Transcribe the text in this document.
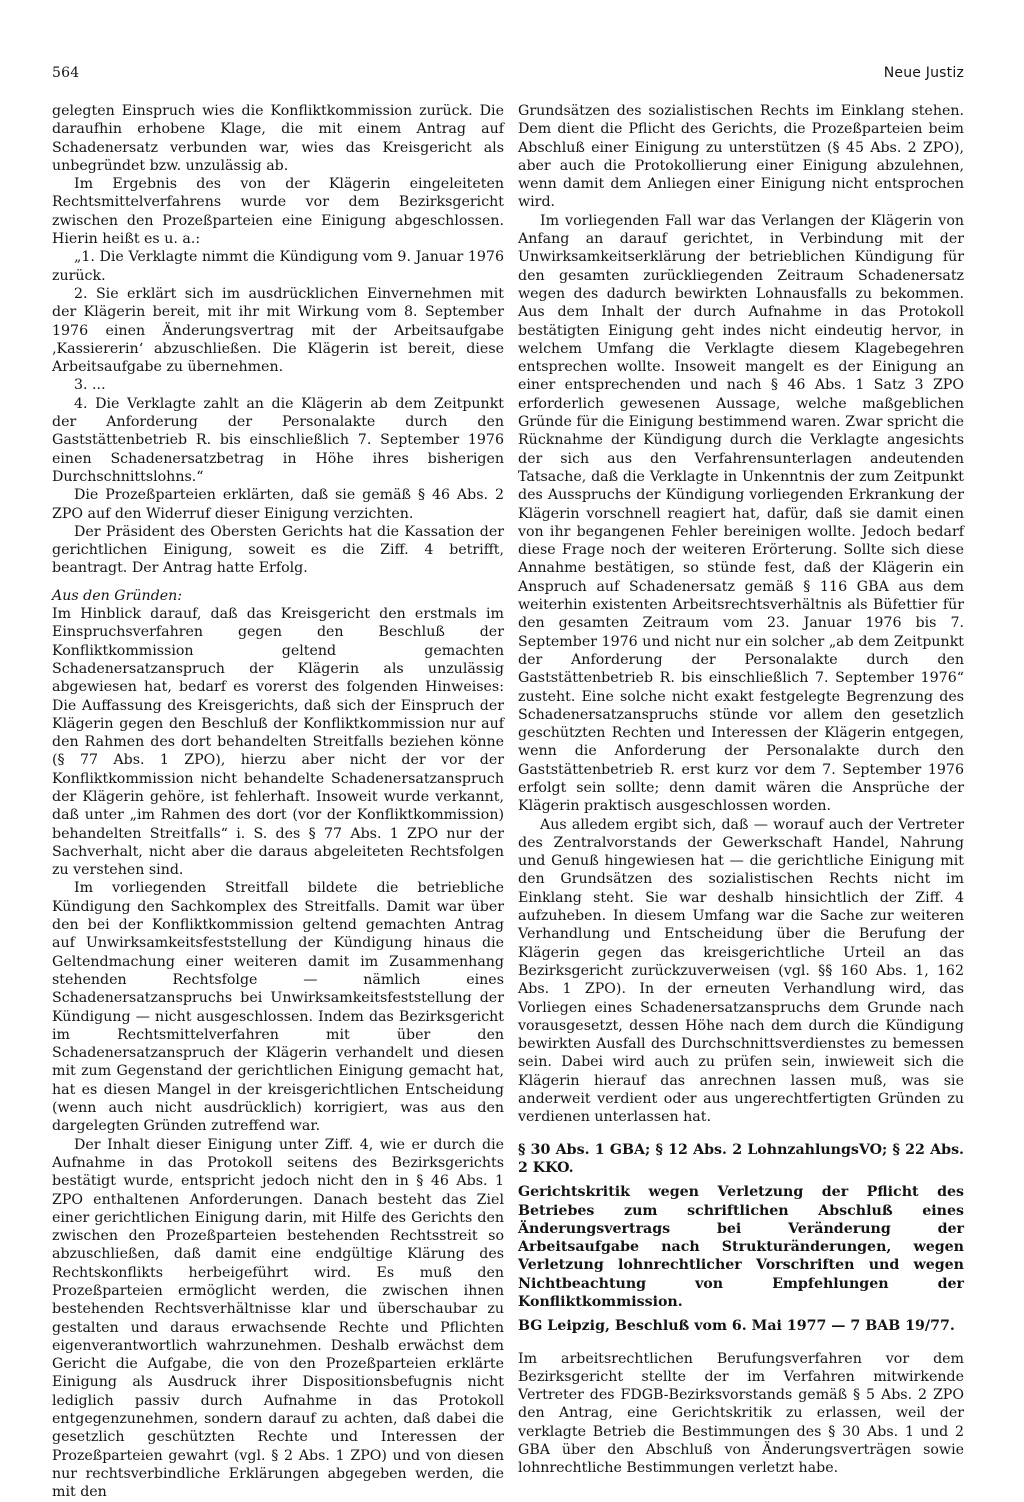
564	Neue Justiz

gelegten Einspruch wies die Konfliktkommission zurück. Die daraufhin erhobene Klage, die mit einem Antrag auf Schadenersatz verbunden war, wies das Kreisgericht als unbegründet bzw. unzulässig ab.

Im Ergebnis des von der Klägerin eingeleiteten Rechtsmittelverfahrens wurde vor dem Bezirksgericht zwischen den Prozeßparteien eine Einigung abgeschlossen. Hierin heißt es u. a.:

„1. Die Verklagte nimmt die Kündigung vom 9. Januar 1976 zurück.

2. Sie erklärt sich im ausdrücklichen Einvernehmen mit der Klägerin bereit, mit ihr mit Wirkung vom 8. September 1976 einen Änderungsvertrag mit der Arbeitsaufgabe ‚Kassiererin‘ abzuschließen. Die Klägerin ist bereit, diese Arbeitsaufgabe zu übernehmen.

3. ...

4. Die Verklagte zahlt an die Klägerin ab dem Zeitpunkt der Anforderung der Personalakte durch den Gaststättenbetrieb R. bis einschließlich 7. September 1976 einen Schadenersatzbetrag in Höhe ihres bisherigen Durchschnittslohns.“

Die Prozeßparteien erklärten, daß sie gemäß § 46 Abs. 2 ZPO auf den Widerruf dieser Einigung verzichten.

Der Präsident des Obersten Gerichts hat die Kassation der gerichtlichen Einigung, soweit es die Ziff. 4 betrifft, beantragt. Der Antrag hatte Erfolg.

Aus den Gründen:

Im Hinblick darauf, daß das Kreisgericht den erstmals im Einspruchsverfahren gegen den Beschluß der Konfliktkommission geltend gemachten Schadenersatzanspruch der Klägerin als unzulässig abgewiesen hat, bedarf es vorerst des folgenden Hinweises: Die Auffassung des Kreisgerichts, daß sich der Einspruch der Klägerin gegen den Beschluß der Konfliktkommission nur auf den Rahmen des dort behandelten Streitfalls beziehen könne (§ 77 Abs. 1 ZPO), hierzu aber nicht der vor der Konfliktkommission nicht behandelte Schadenersatzanspruch der Klägerin gehöre, ist fehlerhaft. Insoweit wurde verkannt, daß unter „im Rahmen des dort (vor der Konfliktkommission) behandelten Streitfalls“ i. S. des § 77 Abs. 1 ZPO nur der Sachverhalt, nicht aber die daraus abgeleiteten Rechtsfolgen zu verstehen sind.

Im vorliegenden Streitfall bildete die betriebliche Kündigung den Sachkomplex des Streitfalls. Damit war über den bei der Konfliktkommission geltend gemachten Antrag auf Unwirksamkeitsfeststellung der Kündigung hinaus die Geltendmachung einer weiteren damit im Zusammenhang stehenden Rechtsfolge — nämlich eines Schadenersatzanspruchs bei Unwirksamkeitsfeststellung der Kündigung — nicht ausgeschlossen. Indem das Bezirksgericht im Rechtsmittelverfahren mit über den Schadenersatzanspruch der Klägerin verhandelt und diesen mit zum Gegenstand der gerichtlichen Einigung gemacht hat, hat es diesen Mangel in der kreisgerichtlichen Entscheidung (wenn auch nicht ausdrücklich) korrigiert, was aus den dargelegten Gründen zutreffend war.

Der Inhalt dieser Einigung unter Ziff. 4, wie er durch die Aufnahme in das Protokoll seitens des Bezirksgerichts bestätigt wurde, entspricht jedoch nicht den in § 46 Abs. 1 ZPO enthaltenen Anforderungen. Danach besteht das Ziel einer gerichtlichen Einigung darin, mit Hilfe des Gerichts den zwischen den Prozeßparteien bestehenden Rechtsstreit so abzuschließen, daß damit eine endgültige Klärung des Rechtskonflikts herbeigeführt wird. Es muß den Prozeßparteien ermöglicht werden, die zwischen ihnen bestehenden Rechtsverhältnisse klar und überschaubar zu gestalten und daraus erwachsende Rechte und Pflichten eigenverantwortlich wahrzunehmen. Deshalb erwächst dem Gericht die Aufgabe, die von den Prozeßparteien erklärte Einigung als Ausdruck ihrer Dispositionsbefugnis nicht lediglich passiv durch Aufnahme in das Protokoll entgegenzunehmen, sondern darauf zu achten, daß dabei die gesetzlich geschützten Rechte und Interessen der Prozeßparteien gewahrt (vgl. § 2 Abs. 1 ZPO) und von diesen nur rechtsverbindliche Erklärungen abgegeben werden, die mit den

Grundsätzen des sozialistischen Rechts im Einklang stehen. Dem dient die Pflicht des Gerichts, die Prozeßparteien beim Abschluß einer Einigung zu unterstützen (§ 45 Abs. 2 ZPO), aber auch die Protokollierung einer Einigung abzulehnen, wenn damit dem Anliegen einer Einigung nicht entsprochen wird.

Im vorliegenden Fall war das Verlangen der Klägerin von Anfang an darauf gerichtet, in Verbindung mit der Unwirksamkeitserklärung der betrieblichen Kündigung für den gesamten zurückliegenden Zeitraum Schadenersatz wegen des dadurch bewirkten Lohnausfalls zu bekommen. Aus dem Inhalt der durch Aufnahme in das Protokoll bestätigten Einigung geht indes nicht eindeutig hervor, in welchem Umfang die Verklagte diesem Klagebegehren entsprechen wollte. Insoweit mangelt es der Einigung an einer entsprechenden und nach § 46 Abs. 1 Satz 3 ZPO erforderlich gewesenen Aussage, welche maßgeblichen Gründe für die Einigung bestimmend waren. Zwar spricht die Rücknahme der Kündigung durch die Verklagte angesichts der sich aus den Verfahrensunterlagen andeutenden Tatsache, daß die Verklagte in Unkenntnis der zum Zeitpunkt des Ausspruchs der Kündigung vorliegenden Erkrankung der Klägerin vorschnell reagiert hat, dafür, daß sie damit einen von ihr begangenen Fehler bereinigen wollte. Jedoch bedarf diese Frage noch der weiteren Erörterung. Sollte sich diese Annahme bestätigen, so stünde fest, daß der Klägerin ein Anspruch auf Schadenersatz gemäß § 116 GBA aus dem weiterhin existenten Arbeitsrechtsverhältnis als Büfettier für den gesamten Zeitraum vom 23. Januar 1976 bis 7. September 1976 und nicht nur ein solcher „ab dem Zeitpunkt der Anforderung der Personalakte durch den Gaststättenbetrieb R. bis einschließlich 7. September 1976“ zusteht. Eine solche nicht exakt festgelegte Begrenzung des Schadenersatzanspruchs stünde vor allem den gesetzlich geschützten Rechten und Interessen der Klägerin entgegen, wenn die Anforderung der Personalakte durch den Gaststättenbetrieb R. erst kurz vor dem 7. September 1976 erfolgt sein sollte; denn damit wären die Ansprüche der Klägerin praktisch ausgeschlossen worden.

Aus alledem ergibt sich, daß — worauf auch der Vertreter des Zentralvorstands der Gewerkschaft Handel, Nahrung und Genuß hingewiesen hat — die gerichtliche Einigung mit den Grundsätzen des sozialistischen Rechts nicht im Einklang steht. Sie war deshalb hinsichtlich der Ziff. 4 aufzuheben. In diesem Umfang war die Sache zur weiteren Verhandlung und Entscheidung über die Berufung der Klägerin gegen das kreisgerichtliche Urteil an das Bezirksgericht zurückzuverweisen (vgl. §§ 160 Abs. 1, 162 Abs. 1 ZPO). In der erneuten Verhandlung wird, das Vorliegen eines Schadenersatzanspruchs dem Grunde nach vorausgesetzt, dessen Höhe nach dem durch die Kündigung bewirkten Ausfall des Durchschnittsverdienstes zu bemessen sein. Dabei wird auch zu prüfen sein, inwieweit sich die Klägerin hierauf das anrechnen lassen muß, was sie anderweit verdient oder aus ungerechtfertigten Gründen zu verdienen unterlassen hat.

§ 30 Abs. 1 GBA; § 12 Abs. 2 LohnzahlungsVO; § 22 Abs. 2 KKO.

Gerichtskritik wegen Verletzung der Pflicht des Betriebes zum schriftlichen Abschluß eines Änderungsvertrags bei Veränderung der Arbeitsaufgabe nach Strukturänderungen, wegen Verletzung lohnrechtlicher Vorschriften und wegen Nichtbeachtung von Empfehlungen der Konfliktkommission.

BG Leipzig, Beschluß vom 6. Mai 1977 — 7 BAB 19/77.

Im arbeitsrechtlichen Berufungsverfahren vor dem Bezirksgericht stellte der im Verfahren mitwirkende Vertreter des FDGB-Bezirksvorstands gemäß § 5 Abs. 2 ZPO den Antrag, eine Gerichtskritik zu erlassen, weil der verklagte Betrieb die Bestimmungen des § 30 Abs. 1 und 2 GBA über den Abschluß von Änderungsverträgen sowie lohnrechtliche Bestimmungen verletzt habe.
